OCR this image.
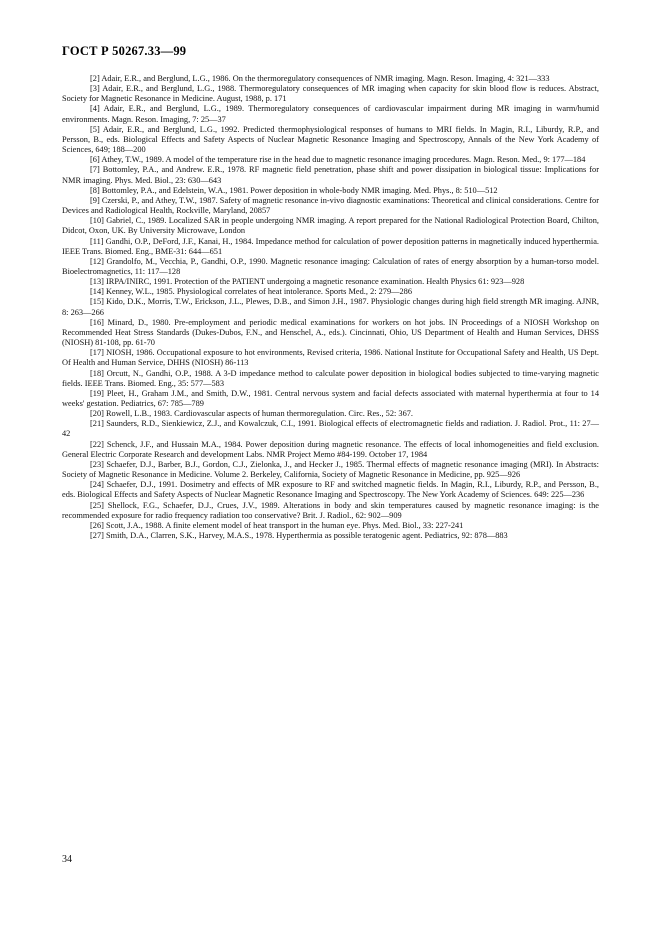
ГОСТ Р 50267.33—99

[2] Adair, E.R., and Berglund, L.G., 1986. On the thermoregulatory consequences of NMR imaging. Magn. Reson. Imaging, 4: 321—333

[3] Adair, E.R., and Berglund, L.G., 1988. Thermoregulatory consequences of MR imaging when capacity for skin blood flow is reduces. Abstract, Society for Magnetic Resonance in Medicine. August, 1988, p. 171

[4] Adair, E.R., and Berglund, L.G., 1989. Thermoregulatory consequences of cardiovascular impairment during MR imaging in warm/humid environments. Magn. Reson. Imaging, 7: 25—37

[5] Adair, E.R., and Berglund, L.G., 1992. Predicted thermophysiological responses of humans to MRI fields. In Magin, R.I., Liburdy, R.P., and Persson, B., eds. Biological Effects and Safety Aspects of Nuclear Magnetic Resonance Imaging and Spectroscopy, Annals of the New York Academy of Sciences, 649; 188—200

[6] Athey, T.W., 1989. A model of the temperature rise in the head due to magnetic resonance imaging procedures. Magn. Reson. Med., 9: 177—184

[7] Bottomley, P.A., and Andrew. E.R., 1978. RF magnetic field penetration, phase shift and power dissipation in biological tissue: Implications for NMR imaging. Phys. Med. Biol., 23: 630—643

[8] Bottomley, P.A., and Edelstein, W.A., 1981. Power deposition in whole-body NMR imaging. Med. Phys., 8: 510—512

[9] Czerski, P., and Athey, T.W., 1987. Safety of magnetic resonance in-vivo diagnostic examinations: Theoretical and clinical considerations. Centre for Devices and Radiological Health, Rockville, Maryland, 20857

[10] Gabriel, C., 1989. Localized SAR in people undergoing NMR imaging. A report prepared for the National Radiological Protection Board, Chilton, Didcot, Oxon, UK. By University Microwave, London

[11] Gandhi, O.P., DeFord, J.F., Kanai, H., 1984. Impedance method for calculation of power deposition patterns in magnetically induced hyperthermia. IEEE Trans. Biomed. Eng., BME-31: 644—651

[12] Grandolfo, M., Vecchia, P., Gandhi, O.P., 1990. Magnetic resonance imaging: Calculation of rates of energy absorption by a human-torso model. Bioelectromagnetics, 11: 117—128

[13] IRPA/INIRC, 1991. Protection of the PATIENT undergoing a magnetic resonance examination. Health Physics 61: 923—928

[14] Kenney, W.L., 1985. Physiological correlates of heat intolerance. Sports Med., 2: 279—286

[15] Kido, D.K., Morris, T.W., Erickson, J.L., Plewes, D.B., and Simon J.H., 1987. Physiologic changes during high field strength MR imaging. AJNR, 8: 263—266

[16] Minard, D., 1980. Pre-employment and periodic medical examinations for workers on hot jobs. IN Proceedings of a NIOSH Workshop on Recommended Heat Stress Standards (Dukes-Dubos, F.N., and Henschel, A., eds.). Cincinnati, Ohio, US Department of Health and Human Services, DHSS (NIOSH) 81-108, pp. 61-70

[17] NIOSH, 1986. Occupational exposure to hot environments, Revised criteria, 1986. National Institute for Occupational Safety and Health, US Dept. Of Health and Human Service, DHHS (NIOSH) 86-113

[18] Orcutt, N., Gandhi, O.P., 1988. A 3-D impedance method to calculate power deposition in biological bodies subjected to time-varying magnetic fields. IEEE Trans. Biomed. Eng., 35: 577—583

[19] Pleet, H., Graham J.M., and Smith, D.W., 1981. Central nervous system and facial defects associated with maternal hyperthermia at four to 14 weeks' gestation. Pediatrics, 67: 785—789

[20] Rowell, L.B., 1983. Cardiovascular aspects of human thermoregulation. Circ. Res., 52: 367.

[21] Saunders, R.D., Sienkiewicz, Z.J., and Kowalczuk, C.I., 1991. Biological effects of electromagnetic fields and radiation. J. Radiol. Prot., 11: 27—42

[22] Schenck, J.F., and Hussain M.A., 1984. Power deposition during magnetic resonance. The effects of local inhomogeneities and field exclusion. General Electric Corporate Research and development Labs. NMR Project Memo #84-199. October 17, 1984

[23] Schaefer, D.J., Barber, B.J., Gordon, C.J., Zielonka, J., and Hecker J., 1985. Thermal effects of magnetic resonance imaging (MRI). In Abstracts: Society of Magnetic Resonance in Medicine. Volume 2. Berkeley, California, Society of Magnetic Resonance in Medicine, pp. 925—926

[24] Schaefer, D.J., 1991. Dosimetry and effects of MR exposure to RF and switched magnetic fields. In Magin, R.I., Liburdy, R.P., and Persson, B., eds. Biological Effects and Safety Aspects of Nuclear Magnetic Resonance Imaging and Spectroscopy. The New York Academy of Sciences. 649: 225—236

[25] Shellock, F.G., Schaefer, D.J., Crues, J.V., 1989. Alterations in body and skin temperatures caused by magnetic resonance imaging: is the recommended exposure for radio frequency radiation too conservative? Brit. J. Radiol., 62: 902—909

[26] Scott, J.A., 1988. A finite element model of heat transport in the human eye. Phys. Med. Biol., 33: 227-241

[27] Smith, D.A., Clarren, S.K., Harvey, M.A.S., 1978. Hyperthermia as possible teratogenic agent. Pediatrics, 92: 878—883

34
